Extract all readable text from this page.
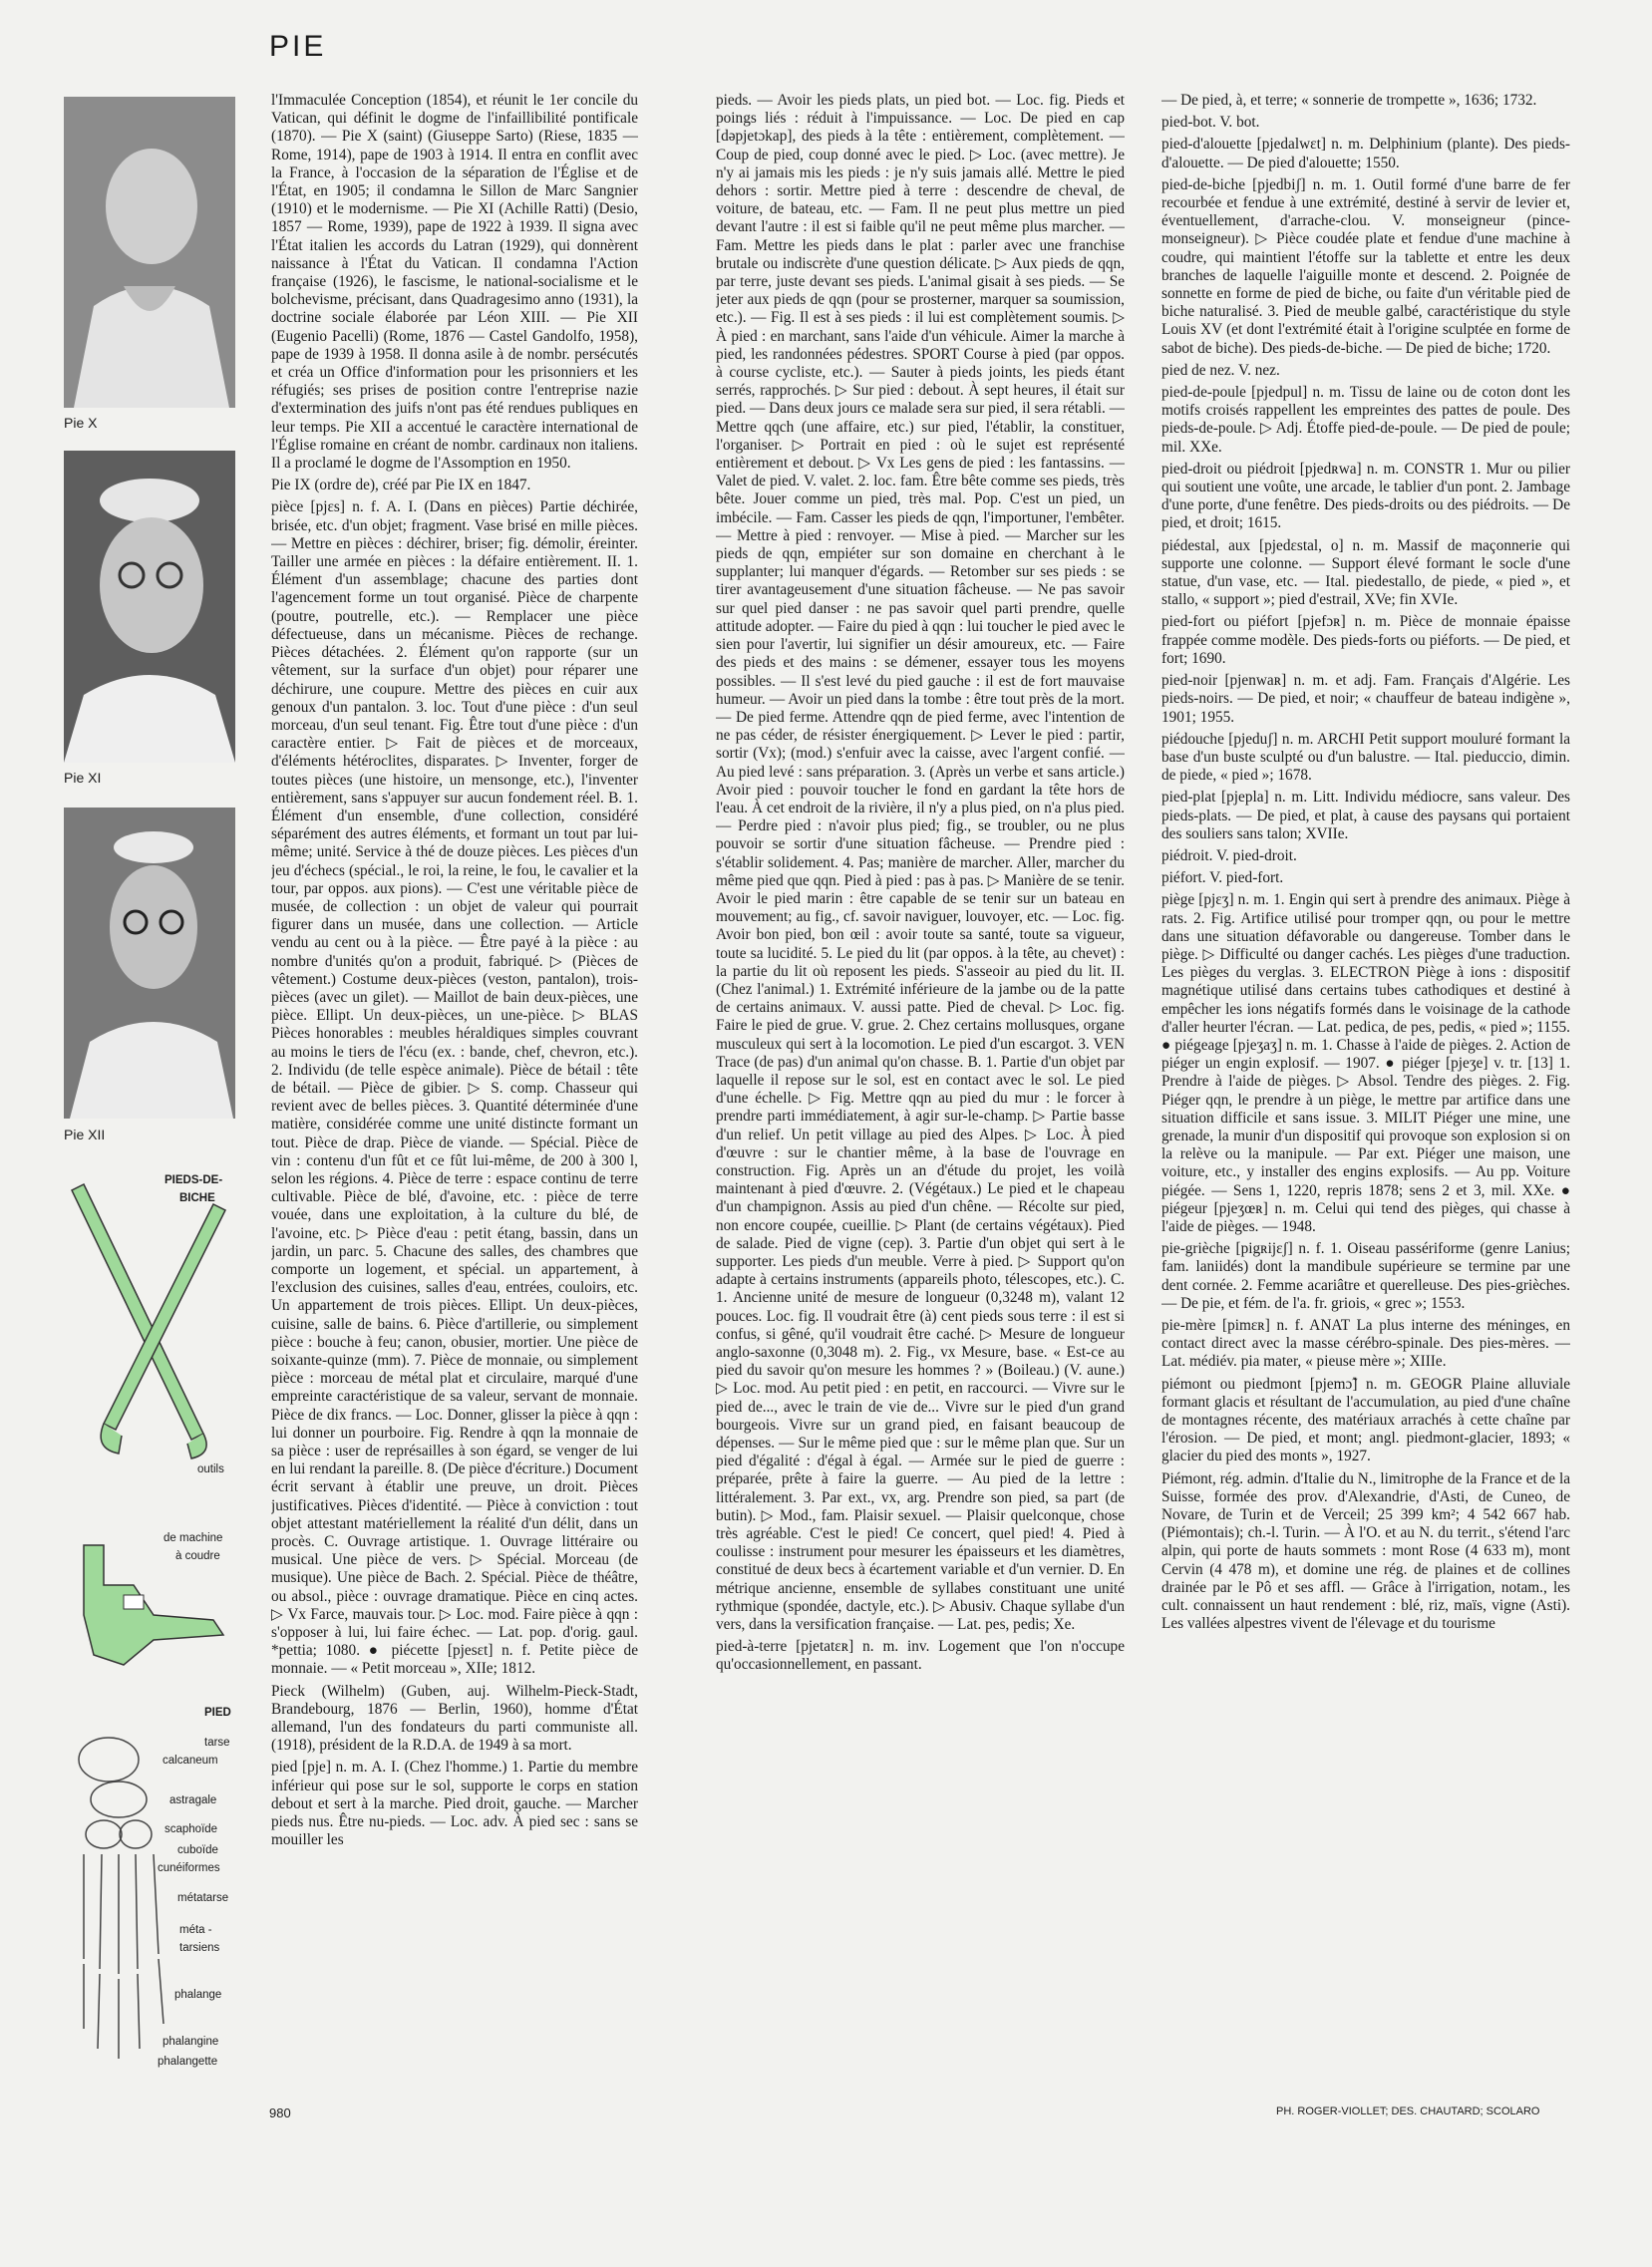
PIE
Pie X
Pie XI
Pie XII
PIEDS-DE-
BICHE
outils
de machine
à coudre
PIED
tarse
calcaneum
astragale
scaphoïde
cuboïde
cunéiformes
métatarse
méta -
tarsiens
phalange
phalangine
phalangette

l'Immaculée Conception (1854), et réunit le 1er concile du Vatican, qui définit le dogme de l'infaillibilité pontificale (1870). — Pie X (saint) (Giuseppe Sarto) (Riese, 1835 — Rome, 1914), pape de 1903 à 1914. Il entra en conflit avec la France, à l'occasion de la séparation de l'Église et de l'État, en 1905; il condamna le Sillon de Marc Sangnier (1910) et le modernisme. — Pie XI (Achille Ratti) (Desio, 1857 — Rome, 1939), pape de 1922 à 1939. Il signa avec l'État italien les accords du Latran (1929), qui donnèrent naissance à l'État du Vatican. Il condamna l'Action française (1926), le fascisme, le national-socialisme et le bolchevisme, précisant, dans Quadragesimo anno (1931), la doctrine sociale élaborée par Léon XIII. — Pie XII (Eugenio Pacelli) (Rome, 1876 — Castel Gandolfo, 1958), pape de 1939 à 1958. Il donna asile à de nombr. persécutés et créa un Office d'information pour les prisonniers et les réfugiés; ses prises de position contre l'entreprise nazie d'extermination des juifs n'ont pas été rendues publiques en leur temps. Pie XII a accentué le caractère international de l'Église romaine en créant de nombr. cardinaux non italiens. Il a proclamé le dogme de l'Assomption en 1950.

Pie IX (ordre de), créé par Pie IX en 1847.

pièce [pjɛs] n. f. A. I. (Dans en pièces) Partie déchirée, brisée, etc. d'un objet; fragment. Vase brisé en mille pièces. — Mettre en pièces : déchirer, briser; fig. démolir, éreinter. Tailler une armée en pièces : la défaire entièrement. II. 1. Élément d'un assemblage; chacune des parties dont l'agencement forme un tout organisé. Pièce de charpente (poutre, poutrelle, etc.). — Remplacer une pièce défectueuse, dans un mécanisme. Pièces de rechange. Pièces détachées. 2. Élément qu'on rapporte (sur un vêtement, sur la surface d'un objet) pour réparer une déchirure, une coupure. Mettre des pièces en cuir aux genoux d'un pantalon. 3. loc. Tout d'une pièce : d'un seul morceau, d'un seul tenant. Fig. Être tout d'une pièce : d'un caractère entier. ▷ Fait de pièces et de morceaux, d'éléments hétéroclites, disparates. ▷ Inventer, forger de toutes pièces (une histoire, un mensonge, etc.), l'inventer entièrement, sans s'appuyer sur aucun fondement réel. B. 1. Élément d'un ensemble, d'une collection, considéré séparément des autres éléments, et formant un tout par lui-même; unité. Service à thé de douze pièces. Les pièces d'un jeu d'échecs (spécial., le roi, la reine, le fou, le cavalier et la tour, par oppos. aux pions). — C'est une véritable pièce de musée, de collection : un objet de valeur qui pourrait figurer dans un musée, dans une collection. — Article vendu au cent ou à la pièce. — Être payé à la pièce : au nombre d'unités qu'on a produit, fabriqué. ▷ (Pièces de vêtement.) Costume deux-pièces (veston, pantalon), trois-pièces (avec un gilet). — Maillot de bain deux-pièces, une pièce. Ellipt. Un deux-pièces, un une-pièce. ▷ BLAS Pièces honorables : meubles héraldiques simples couvrant au moins le tiers de l'écu (ex. : bande, chef, chevron, etc.). 2. Individu (de telle espèce animale). Pièce de bétail : tête de bétail. — Pièce de gibier. ▷ S. comp. Chasseur qui revient avec de belles pièces. 3. Quantité déterminée d'une matière, considérée comme une unité distincte formant un tout. Pièce de drap. Pièce de viande. — Spécial. Pièce de vin : contenu d'un fût et ce fût lui-même, de 200 à 300 l, selon les régions. 4. Pièce de terre : espace continu de terre cultivable. Pièce de blé, d'avoine, etc. : pièce de terre vouée, dans une exploitation, à la culture du blé, de l'avoine, etc. ▷ Pièce d'eau : petit étang, bassin, dans un jardin, un parc. 5. Chacune des salles, des chambres que comporte un logement, et spécial. un appartement, à l'exclusion des cuisines, salles d'eau, entrées, couloirs, etc. Un appartement de trois pièces. Ellipt. Un deux-pièces, cuisine, salle de bains. 6. Pièce d'artillerie, ou simplement pièce : bouche à feu; canon, obusier, mortier. Une pièce de soixante-quinze (mm). 7. Pièce de monnaie, ou simplement pièce : morceau de métal plat et circulaire, marqué d'une empreinte caractéristique de sa valeur, servant de monnaie. Pièce de dix francs. — Loc. Donner, glisser la pièce à qqn : lui donner un pourboire. Fig. Rendre à qqn la monnaie de sa pièce : user de représailles à son égard, se venger de lui en lui rendant la pareille. 8. (De pièce d'écriture.) Document écrit servant à établir une preuve, un droit. Pièces justificatives. Pièces d'identité. — Pièce à conviction : tout objet attestant matériellement la réalité d'un délit, dans un procès. C. Ouvrage artistique. 1. Ouvrage littéraire ou musical. Une pièce de vers. ▷ Spécial. Morceau (de musique). Une pièce de Bach. 2. Spécial. Pièce de théâtre, ou absol., pièce : ouvrage dramatique. Pièce en cinq actes. ▷ Vx Farce, mauvais tour. ▷ Loc. mod. Faire pièce à qqn : s'opposer à lui, lui faire échec. — Lat. pop. d'orig. gaul. *pettia; 1080. ● piécette [pjesɛt] n. f. Petite pièce de monnaie. — « Petit morceau », XIIe; 1812.

Pieck (Wilhelm) (Guben, auj. Wilhelm-Pieck-Stadt, Brandebourg, 1876 — Berlin, 1960), homme d'État allemand, l'un des fondateurs du parti communiste all. (1918), président de la R.D.A. de 1949 à sa mort.

pied [pje] n. m. A. I. (Chez l'homme.) 1. Partie du membre inférieur qui pose sur le sol, supporte le corps en station debout et sert à la marche. Pied droit, gauche. — Marcher pieds nus. Être nu-pieds. — Loc. adv. À pied sec : sans se mouiller les

pieds. — Avoir les pieds plats, un pied bot. — Loc. fig. Pieds et poings liés : réduit à l'impuissance. — Loc. De pied en cap [dəpjetɔkap], des pieds à la tête : entièrement, complètement. — Coup de pied, coup donné avec le pied. ▷ Loc. (avec mettre). Je n'y ai jamais mis les pieds : je n'y suis jamais allé. Mettre le pied dehors : sortir. Mettre pied à terre : descendre de cheval, de voiture, de bateau, etc. — Fam. Il ne peut plus mettre un pied devant l'autre : il est si faible qu'il ne peut même plus marcher. — Fam. Mettre les pieds dans le plat : parler avec une franchise brutale ou indiscrète d'une question délicate. ▷ Aux pieds de qqn, par terre, juste devant ses pieds. L'animal gisait à ses pieds. — Se jeter aux pieds de qqn (pour se prosterner, marquer sa soumission, etc.). — Fig. Il est à ses pieds : il lui est complètement soumis. ▷ À pied : en marchant, sans l'aide d'un véhicule. Aimer la marche à pied, les randonnées pédestres. SPORT Course à pied (par oppos. à course cycliste, etc.). — Sauter à pieds joints, les pieds étant serrés, rapprochés. ▷ Sur pied : debout. À sept heures, il était sur pied. — Dans deux jours ce malade sera sur pied, il sera rétabli. — Mettre qqch (une affaire, etc.) sur pied, l'établir, la constituer, l'organiser. ▷ Portrait en pied : où le sujet est représenté entièrement et debout. ▷ Vx Les gens de pied : les fantassins. — Valet de pied. V. valet. 2. loc. fam. Être bête comme ses pieds, très bête. Jouer comme un pied, très mal. Pop. C'est un pied, un imbécile. — Fam. Casser les pieds de qqn, l'importuner, l'embêter. — Mettre à pied : renvoyer. — Mise à pied. — Marcher sur les pieds de qqn, empiéter sur son domaine en cherchant à le supplanter; lui manquer d'égards. — Retomber sur ses pieds : se tirer avantageusement d'une situation fâcheuse. — Ne pas savoir sur quel pied danser : ne pas savoir quel parti prendre, quelle attitude adopter. — Faire du pied à qqn : lui toucher le pied avec le sien pour l'avertir, lui signifier un désir amoureux, etc. — Faire des pieds et des mains : se démener, essayer tous les moyens possibles. — Il s'est levé du pied gauche : il est de fort mauvaise humeur. — Avoir un pied dans la tombe : être tout près de la mort. — De pied ferme. Attendre qqn de pied ferme, avec l'intention de ne pas céder, de résister énergiquement. ▷ Lever le pied : partir, sortir (Vx); (mod.) s'enfuir avec la caisse, avec l'argent confié. — Au pied levé : sans préparation. 3. (Après un verbe et sans article.) Avoir pied : pouvoir toucher le fond en gardant la tête hors de l'eau. À cet endroit de la rivière, il n'y a plus pied, on n'a plus pied. — Perdre pied : n'avoir plus pied; fig., se troubler, ou ne plus pouvoir se sortir d'une situation fâcheuse. — Prendre pied : s'établir solidement. 4. Pas; manière de marcher. Aller, marcher du même pied que qqn. Pied à pied : pas à pas. ▷ Manière de se tenir. Avoir le pied marin : être capable de se tenir sur un bateau en mouvement; au fig., cf. savoir naviguer, louvoyer, etc. — Loc. fig. Avoir bon pied, bon œil : avoir toute sa santé, toute sa vigueur, toute sa lucidité. 5. Le pied du lit (par oppos. à la tête, au chevet) : la partie du lit où reposent les pieds. S'asseoir au pied du lit. II. (Chez l'animal.) 1. Extrémité inférieure de la jambe ou de la patte de certains animaux. V. aussi patte. Pied de cheval. ▷ Loc. fig. Faire le pied de grue. V. grue. 2. Chez certains mollusques, organe musculeux qui sert à la locomotion. Le pied d'un escargot. 3. VEN Trace (de pas) d'un animal qu'on chasse. B. 1. Partie d'un objet par laquelle il repose sur le sol, est en contact avec le sol. Le pied d'une échelle. ▷ Fig. Mettre qqn au pied du mur : le forcer à prendre parti immédiatement, à agir sur-le-champ. ▷ Partie basse d'un relief. Un petit village au pied des Alpes. ▷ Loc. À pied d'œuvre : sur le chantier même, à la base de l'ouvrage en construction. Fig. Après un an d'étude du projet, les voilà maintenant à pied d'œuvre. 2. (Végétaux.) Le pied et le chapeau d'un champignon. Assis au pied d'un chêne. — Récolte sur pied, non encore coupée, cueillie. ▷ Plant (de certains végétaux). Pied de salade. Pied de vigne (cep). 3. Partie d'un objet qui sert à le supporter. Les pieds d'un meuble. Verre à pied. ▷ Support qu'on adapte à certains instruments (appareils photo, télescopes, etc.). C. 1. Ancienne unité de mesure de longueur (0,3248 m), valant 12 pouces. Loc. fig. Il voudrait être (à) cent pieds sous terre : il est si confus, si gêné, qu'il voudrait être caché. ▷ Mesure de longueur anglo-saxonne (0,3048 m). 2. Fig., vx Mesure, base. « Est-ce au pied du savoir qu'on mesure les hommes ? » (Boileau.) (V. aune.) ▷ Loc. mod. Au petit pied : en petit, en raccourci. — Vivre sur le pied de..., avec le train de vie de... Vivre sur le pied d'un grand bourgeois. Vivre sur un grand pied, en faisant beaucoup de dépenses. — Sur le même pied que : sur le même plan que. Sur un pied d'égalité : d'égal à égal. — Armée sur le pied de guerre : préparée, prête à faire la guerre. — Au pied de la lettre : littéralement. 3. Par ext., vx, arg. Prendre son pied, sa part (de butin). ▷ Mod., fam. Plaisir sexuel. — Plaisir quelconque, chose très agréable. C'est le pied! Ce concert, quel pied! 4. Pied à coulisse : instrument pour mesurer les épaisseurs et les diamètres, constitué de deux becs à écartement variable et d'un vernier. D. En métrique ancienne, ensemble de syllabes constituant une unité rythmique (spondée, dactyle, etc.). ▷ Abusiv. Chaque syllabe d'un vers, dans la versification française. — Lat. pes, pedis; Xe.

pied-à-terre [pjetatɛʀ] n. m. inv. Logement que l'on n'occupe qu'occasionnellement, en passant.

— De pied, à, et terre; « sonnerie de trompette », 1636; 1732.

pied-bot. V. bot.

pied-d'alouette [pjedalwɛt] n. m. Delphinium (plante). Des pieds-d'alouette. — De pied d'alouette; 1550.

pied-de-biche [pjedbiʃ] n. m. 1. Outil formé d'une barre de fer recourbée et fendue à une extrémité, destiné à servir de levier et, éventuellement, d'arrache-clou. V. monseigneur (pince-monseigneur). ▷ Pièce coudée plate et fendue d'une machine à coudre, qui maintient l'étoffe sur la tablette et entre les deux branches de laquelle l'aiguille monte et descend. 2. Poignée de sonnette en forme de pied de biche, ou faite d'un véritable pied de biche naturalisé. 3. Pied de meuble galbé, caractéristique du style Louis XV (et dont l'extrémité était à l'origine sculptée en forme de sabot de biche). Des pieds-de-biche. — De pied de biche; 1720.

pied de nez. V. nez.

pied-de-poule [pjedpul] n. m. Tissu de laine ou de coton dont les motifs croisés rappellent les empreintes des pattes de poule. Des pieds-de-poule. ▷ Adj. Étoffe pied-de-poule. — De pied de poule; mil. XXe.

pied-droit ou piédroit [pjedʀwa] n. m. CONSTR 1. Mur ou pilier qui soutient une voûte, une arcade, le tablier d'un pont. 2. Jambage d'une porte, d'une fenêtre. Des pieds-droits ou des piédroits. — De pied, et droit; 1615.

piédestal, aux [pjedɛstal, o] n. m. Massif de maçonnerie qui supporte une colonne. — Support élevé formant le socle d'une statue, d'un vase, etc. — Ital. piedestallo, de piede, « pied », et stallo, « support »; pied d'estrail, XVe; fin XVIe.

pied-fort ou piéfort [pjefɔʀ] n. m. Pièce de monnaie épaisse frappée comme modèle. Des pieds-forts ou piéforts. — De pied, et fort; 1690.

pied-noir [pjenwaʀ] n. m. et adj. Fam. Français d'Algérie. Les pieds-noirs. — De pied, et noir; « chauffeur de bateau indigène », 1901; 1955.

piédouche [pjeduʃ] n. m. ARCHI Petit support mouluré formant la base d'un buste sculpté ou d'un balustre. — Ital. pieduccio, dimin. de piede, « pied »; 1678.

pied-plat [pjepla] n. m. Litt. Individu médiocre, sans valeur. Des pieds-plats. — De pied, et plat, à cause des paysans qui portaient des souliers sans talon; XVIIe.

piédroit. V. pied-droit.

piéfort. V. pied-fort.

piège [pjɛʒ] n. m. 1. Engin qui sert à prendre des animaux. Piège à rats. 2. Fig. Artifice utilisé pour tromper qqn, ou pour le mettre dans une situation défavorable ou dangereuse. Tomber dans le piège. ▷ Difficulté ou danger cachés. Les pièges d'une traduction. Les pièges du verglas. 3. ELECTRON Piège à ions : dispositif magnétique utilisé dans certains tubes cathodiques et destiné à empêcher les ions négatifs formés dans le voisinage de la cathode d'aller heurter l'écran. — Lat. pedica, de pes, pedis, « pied »; 1155. ● piégeage [pjeʒaʒ] n. m. 1. Chasse à l'aide de pièges. 2. Action de piéger un engin explosif. — 1907. ● piéger [pjeʒe] v. tr. [13] 1. Prendre à l'aide de pièges. ▷ Absol. Tendre des pièges. 2. Fig. Piéger qqn, le prendre à un piège, le mettre par artifice dans une situation difficile et sans issue. 3. MILIT Piéger une mine, une grenade, la munir d'un dispositif qui provoque son explosion si on la relève ou la manipule. — Par ext. Piéger une maison, une voiture, etc., y installer des engins explosifs. — Au pp. Voiture piégée. — Sens 1, 1220, repris 1878; sens 2 et 3, mil. XXe. ● piégeur [pjeʒœʀ] n. m. Celui qui tend des pièges, qui chasse à l'aide de pièges. — 1948.

pie-grièche [pigʀijɛʃ] n. f. 1. Oiseau passériforme (genre Lanius; fam. laniidés) dont la mandibule supérieure se termine par une dent cornée. 2. Femme acariâtre et querelleuse. Des pies-grièches. — De pie, et fém. de l'a. fr. griois, « grec »; 1553.

pie-mère [pimɛʀ] n. f. ANAT La plus interne des méninges, en contact direct avec la masse cérébro-spinale. Des pies-mères. — Lat. médiév. pia mater, « pieuse mère »; XIIIe.

piémont ou piedmont [pjemɔ̃] n. m. GEOGR Plaine alluviale formant glacis et résultant de l'accumulation, au pied d'une chaîne de montagnes récente, des matériaux arrachés à cette chaîne par l'érosion. — De pied, et mont; angl. piedmont-glacier, 1893; « glacier du pied des monts », 1927.

Piémont, rég. admin. d'Italie du N., limitrophe de la France et de la Suisse, formée des prov. d'Alexandrie, d'Asti, de Cuneo, de Novare, de Turin et de Verceil; 25 399 km²; 4 542 667 hab. (Piémontais); ch.-l. Turin. — À l'O. et au N. du territ., s'étend l'arc alpin, qui porte de hauts sommets : mont Rose (4 633 m), mont Cervin (4 478 m), et domine une rég. de plaines et de collines drainée par le Pô et ses affl. — Grâce à l'irrigation, notam., les cult. connaissent un haut rendement : blé, riz, maïs, vigne (Asti). Les vallées alpestres vivent de l'élevage et du tourisme

980	PH. ROGER-VIOLLET; DES. CHAUTARD; SCOLARO
